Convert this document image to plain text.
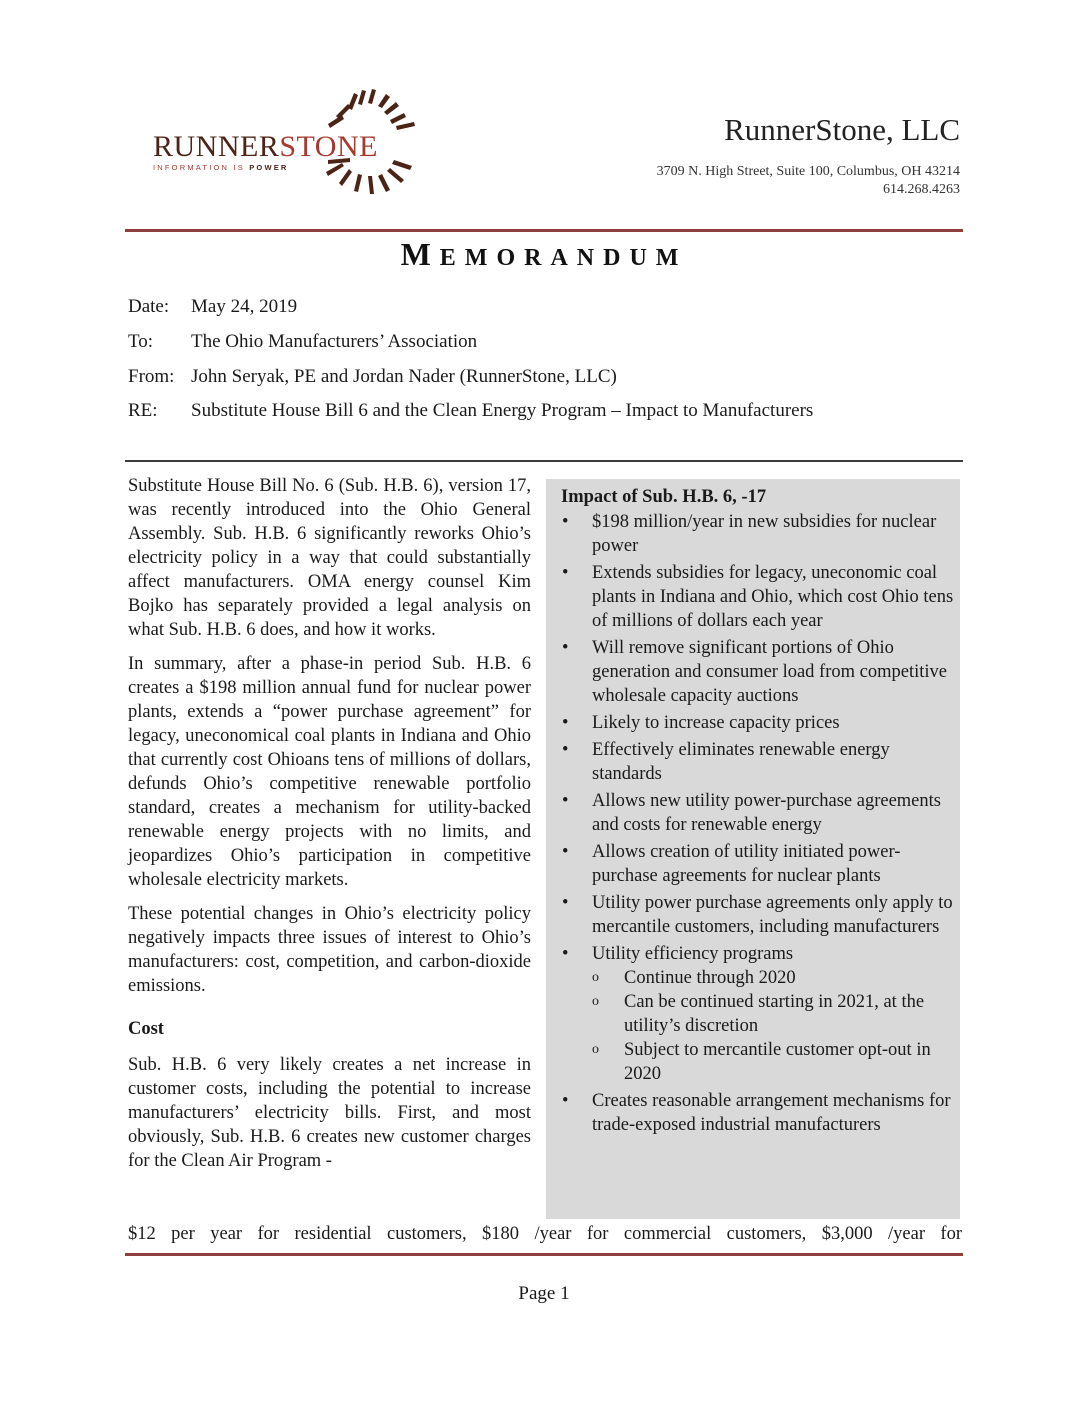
RUNNERSTONE
INFORMATION IS POWER
RunnerStone, LLC
3709 N. High Street, Suite 100, Columbus, OH 43214
614.268.4263
MEMORANDUM
Date: May 24, 2019
To: The Ohio Manufacturers’ Association
From: John Seryak, PE and Jordan Nader (RunnerStone, LLC)
RE: Substitute House Bill 6 and the Clean Energy Program – Impact to Manufacturers

Substitute House Bill No. 6 (Sub. H.B. 6), version 17, was recently introduced into the Ohio General Assembly. Sub. H.B. 6 significantly reworks Ohio’s electricity policy in a way that could substantially affect manufacturers. OMA energy counsel Kim Bojko has separately provided a legal analysis on what Sub. H.B. 6 does, and how it works.

In summary, after a phase-in period Sub. H.B. 6 creates a $198 million annual fund for nuclear power plants, extends a “power purchase agreement” for legacy, uneconomical coal plants in Indiana and Ohio that currently cost Ohioans tens of millions of dollars, defunds Ohio’s competitive renewable portfolio standard, creates a mechanism for utility-backed renewable energy projects with no limits, and jeopardizes Ohio’s participation in competitive wholesale electricity markets.

These potential changes in Ohio’s electricity policy negatively impacts three issues of interest to Ohio’s manufacturers: cost, competition, and carbon-dioxide emissions.

Cost

Sub. H.B. 6 very likely creates a net increase in customer costs, including the potential to increase manufacturers’ electricity bills. First, and most obviously, Sub. H.B. 6 creates new customer charges for the Clean Air Program -

Impact of Sub. H.B. 6, -17
• $198 million/year in new subsidies for nuclear power
• Extends subsidies for legacy, uneconomic coal plants in Indiana and Ohio, which cost Ohio tens of millions of dollars each year
• Will remove significant portions of Ohio generation and consumer load from competitive wholesale capacity auctions
• Likely to increase capacity prices
• Effectively eliminates renewable energy standards
• Allows new utility power-purchase agreements and costs for renewable energy
• Allows creation of utility initiated power-purchase agreements for nuclear plants
• Utility power purchase agreements only apply to mercantile customers, including manufacturers
• Utility efficiency programs
o Continue through 2020
o Can be continued starting in 2021, at the utility’s discretion
o Subject to mercantile customer opt-out in 2020
• Creates reasonable arrangement mechanisms for trade-exposed industrial manufacturers
$12 per year for residential customers, $180 /year for commercial customers, $3,000 /year for
Page 1
